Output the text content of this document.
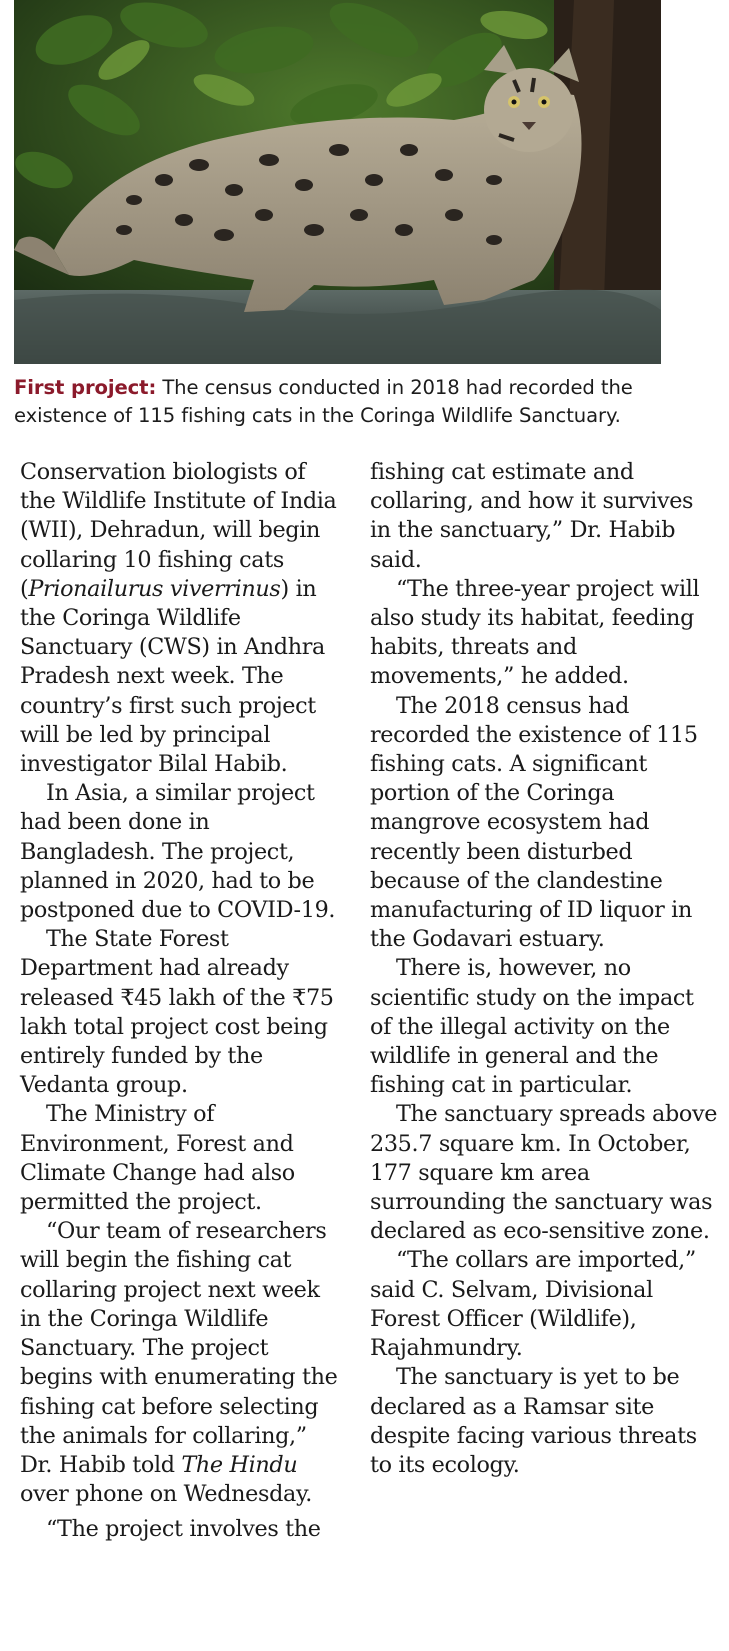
First project: The census conducted in 2018 had recorded the existence of 115 fishing cats in the Coringa Wildlife Sanctuary.

Conservation biologists of the Wildlife Institute of India (WII), Dehradun, will begin collaring 10 fishing cats (Prionailurus viverrinus) in the Coringa Wildlife Sanctuary (CWS) in Andhra Pradesh next week. The country’s first such project will be led by principal investigator Bilal Habib.

In Asia, a similar project had been done in Bangladesh. The project, planned in 2020, had to be postponed due to COVID-19.

The State Forest Department had already released ₹45 lakh of the ₹75 lakh total project cost being entirely funded by the Vedanta group.

The Ministry of Environment, Forest and Climate Change had also permitted the project.

“Our team of researchers will begin the fishing cat collaring project next week in the Coringa Wildlife Sanctuary. The project begins with enumerating the fishing cat before selecting the animals for collaring,” Dr. Habib told The Hindu over phone on Wednesday.

“The project involves the

fishing cat estimate and collaring, and how it survives in the sanctuary,” Dr. Habib said.

“The three-year project will also study its habitat, feeding habits, threats and movements,” he added.

The 2018 census had recorded the existence of 115 fishing cats. A significant portion of the Coringa mangrove ecosystem had recently been disturbed because of the clandestine manufacturing of ID liquor in the Godavari estuary.

There is, however, no scientific study on the impact of the illegal activity on the wildlife in general and the fishing cat in particular.

The sanctuary spreads above 235.7 square km. In October, 177 square km area surrounding the sanctuary was declared as eco-sensitive zone.

“The collars are imported,” said C. Selvam, Divisional Forest Officer (Wildlife), Rajahmundry.

The sanctuary is yet to be declared as a Ramsar site despite facing various threats to its ecology.
